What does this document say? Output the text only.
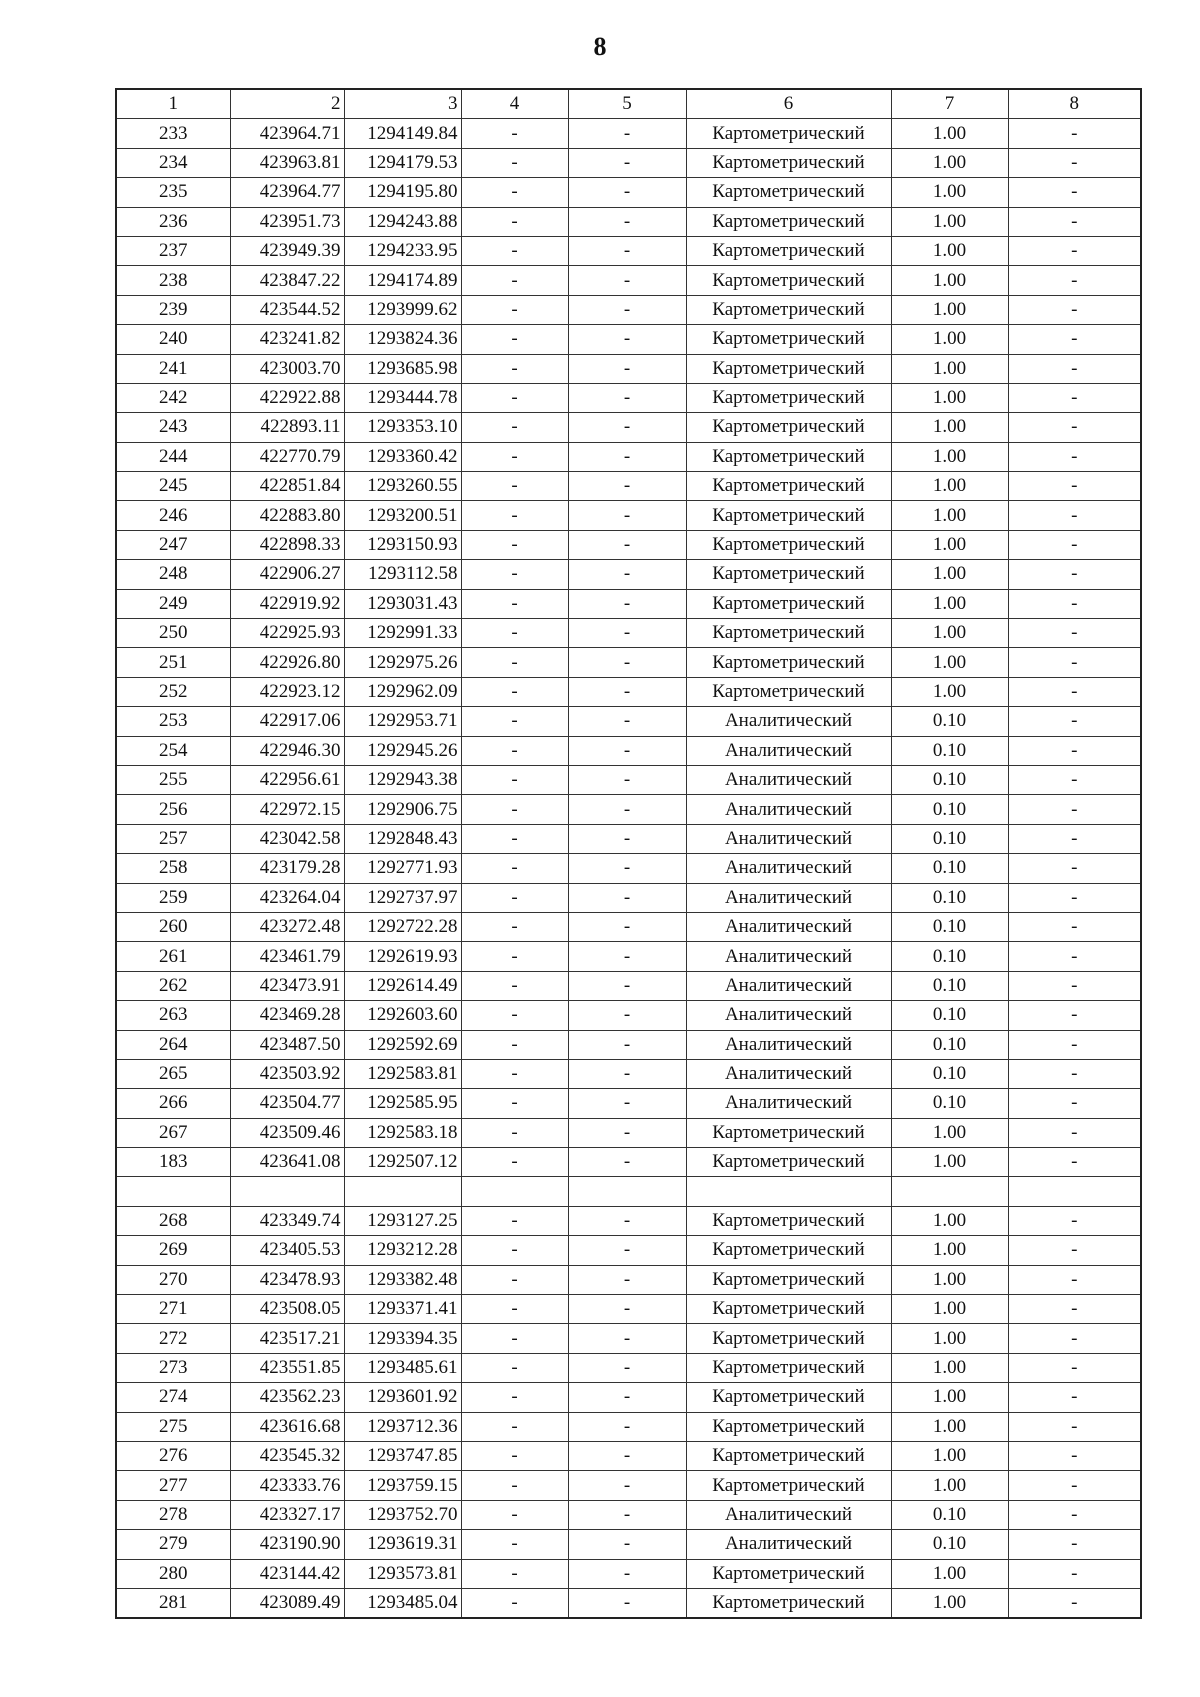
8
1	2	3	4	5	6	7	8
233	423964.71	1294149.84	-	-	Картометрический	1.00	-
234	423963.81	1294179.53	-	-	Картометрический	1.00	-
235	423964.77	1294195.80	-	-	Картометрический	1.00	-
236	423951.73	1294243.88	-	-	Картометрический	1.00	-
237	423949.39	1294233.95	-	-	Картометрический	1.00	-
238	423847.22	1294174.89	-	-	Картометрический	1.00	-
239	423544.52	1293999.62	-	-	Картометрический	1.00	-
240	423241.82	1293824.36	-	-	Картометрический	1.00	-
241	423003.70	1293685.98	-	-	Картометрический	1.00	-
242	422922.88	1293444.78	-	-	Картометрический	1.00	-
243	422893.11	1293353.10	-	-	Картометрический	1.00	-
244	422770.79	1293360.42	-	-	Картометрический	1.00	-
245	422851.84	1293260.55	-	-	Картометрический	1.00	-
246	422883.80	1293200.51	-	-	Картометрический	1.00	-
247	422898.33	1293150.93	-	-	Картометрический	1.00	-
248	422906.27	1293112.58	-	-	Картометрический	1.00	-
249	422919.92	1293031.43	-	-	Картометрический	1.00	-
250	422925.93	1292991.33	-	-	Картометрический	1.00	-
251	422926.80	1292975.26	-	-	Картометрический	1.00	-
252	422923.12	1292962.09	-	-	Картометрический	1.00	-
253	422917.06	1292953.71	-	-	Аналитический	0.10	-
254	422946.30	1292945.26	-	-	Аналитический	0.10	-
255	422956.61	1292943.38	-	-	Аналитический	0.10	-
256	422972.15	1292906.75	-	-	Аналитический	0.10	-
257	423042.58	1292848.43	-	-	Аналитический	0.10	-
258	423179.28	1292771.93	-	-	Аналитический	0.10	-
259	423264.04	1292737.97	-	-	Аналитический	0.10	-
260	423272.48	1292722.28	-	-	Аналитический	0.10	-
261	423461.79	1292619.93	-	-	Аналитический	0.10	-
262	423473.91	1292614.49	-	-	Аналитический	0.10	-
263	423469.28	1292603.60	-	-	Аналитический	0.10	-
264	423487.50	1292592.69	-	-	Аналитический	0.10	-
265	423503.92	1292583.81	-	-	Аналитический	0.10	-
266	423504.77	1292585.95	-	-	Аналитический	0.10	-
267	423509.46	1292583.18	-	-	Картометрический	1.00	-
183	423641.08	1292507.12	-	-	Картометрический	1.00	-

268	423349.74	1293127.25	-	-	Картометрический	1.00	-
269	423405.53	1293212.28	-	-	Картометрический	1.00	-
270	423478.93	1293382.48	-	-	Картометрический	1.00	-
271	423508.05	1293371.41	-	-	Картометрический	1.00	-
272	423517.21	1293394.35	-	-	Картометрический	1.00	-
273	423551.85	1293485.61	-	-	Картометрический	1.00	-
274	423562.23	1293601.92	-	-	Картометрический	1.00	-
275	423616.68	1293712.36	-	-	Картометрический	1.00	-
276	423545.32	1293747.85	-	-	Картометрический	1.00	-
277	423333.76	1293759.15	-	-	Картометрический	1.00	-
278	423327.17	1293752.70	-	-	Аналитический	0.10	-
279	423190.90	1293619.31	-	-	Аналитический	0.10	-
280	423144.42	1293573.81	-	-	Картометрический	1.00	-
281	423089.49	1293485.04	-	-	Картометрический	1.00	-
